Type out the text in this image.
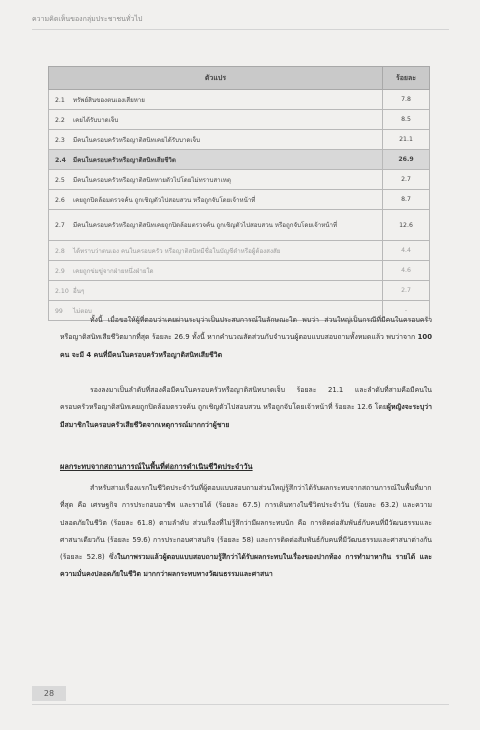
ความคิดเห็นของกลุ่มประชาชนทั่วไป
ตัวแปร	ร้อยละ
2.1 ทรัพย์สินของตนเองเสียหาย	7.8
2.2 เคยได้รับบาดเจ็บ	8.5
2.3 มีคนในครอบครัวหรือญาติสนิทเคยได้รับบาดเจ็บ	21.1
2.4 มีคนในครอบครัวหรือญาติสนิทเสียชีวิต	26.9
2.5 มีคนในครอบครัวหรือญาติสนิทหายตัวไปโดยไม่ทราบสาเหตุ	2.7
2.6 เคยถูกปิดล้อมตรวจค้น ถูกเชิญตัวไปสอบสวน หรือถูกจับโดยเจ้าหน้าที่	8.7
2.7 มีคนในครอบครัวหรือญาติสนิทเคยถูกปิดล้อมตรวจค้น ถูกเชิญตัวไปสอบสวน หรือถูกจับโดยเจ้าหน้าที่	12.6
2.8 ได้ทราบว่าตนเอง คนในครอบครัว หรือญาติสนิทมีชื่อในบัญชีดำหรือผู้ต้องสงสัย	4.4
2.9 เคยถูกข่มขู่จากฝ่ายหนึ่งฝ่ายใด	4.6
2.10 อื่นๆ	2.7
99 ไม่ตอบ	-

ทั้งนี้ เมื่อขอให้ผู้ที่ตอบว่าเคยผ่านระบุว่าเป็นประสบการณ์ในลักษณะใด พบว่า ส่วนใหญ่เป็นกรณีที่มีคนในครอบครัวหรือญาติสนิทเสียชีวิตมากที่สุด ร้อยละ 26.9 ทั้งนี้ หากคำนวณสัดส่วนกับจำนวนผู้ตอบแบบสอบถามทั้งหมดแล้ว พบว่าจาก 100 คน จะมี 4 คนที่มีคนในครอบครัวหรือญาติสนิทเสียชีวิต

รองลงมาเป็นลำดับที่สองคือมีคนในครอบครัวหรือญาติสนิทบาดเจ็บ ร้อยละ 21.1 และลำดับที่สามคือมีคนในครอบครัวหรือญาติสนิทเคยถูกปิดล้อมตรวจค้น ถูกเชิญตัวไปสอบสวน หรือถูกจับโดยเจ้าหน้าที่ ร้อยละ 12.6 โดยผู้หญิงจะระบุว่ามีสมาชิกในครอบครัวเสียชีวิตจากเหตุการณ์มากกว่าผู้ชาย

ผลกระทบจากสถานการณ์ในพื้นที่ต่อการดำเนินชีวิตประจำวัน

สำหรับสามเรื่องแรกในชีวิตประจำวันที่ผู้ตอบแบบสอบถามส่วนใหญ่รู้สึกว่าได้รับผลกระทบจากสถานการณ์ในพื้นที่มากที่สุด คือ เศรษฐกิจ การประกอบอาชีพ และรายได้ (ร้อยละ 67.5) การเดินทางในชีวิตประจำวัน (ร้อยละ 63.2) และความปลอดภัยในชีวิต (ร้อยละ 61.8) ตามลำดับ ส่วนเรื่องที่ไม่รู้สึกว่ามีผลกระทบนัก คือ การติดต่อสัมพันธ์กับคนที่มีวัฒนธรรมและศาสนาเดียวกัน (ร้อยละ 59.6) การประกอบศาสนกิจ (ร้อยละ 58) และการติดต่อสัมพันธ์กับคนที่มีวัฒนธรรมและศาสนาต่างกัน (ร้อยละ 52.8) ซึ่งในภาพรวมแล้วผู้ตอบแบบสอบถามรู้สึกว่าได้รับผลกระทบในเรื่องของปากท้อง การทำมาหากิน รายได้ และความมั่นคงปลอดภัยในชีวิต มากกว่าผลกระทบทางวัฒนธรรมและศาสนา

28
